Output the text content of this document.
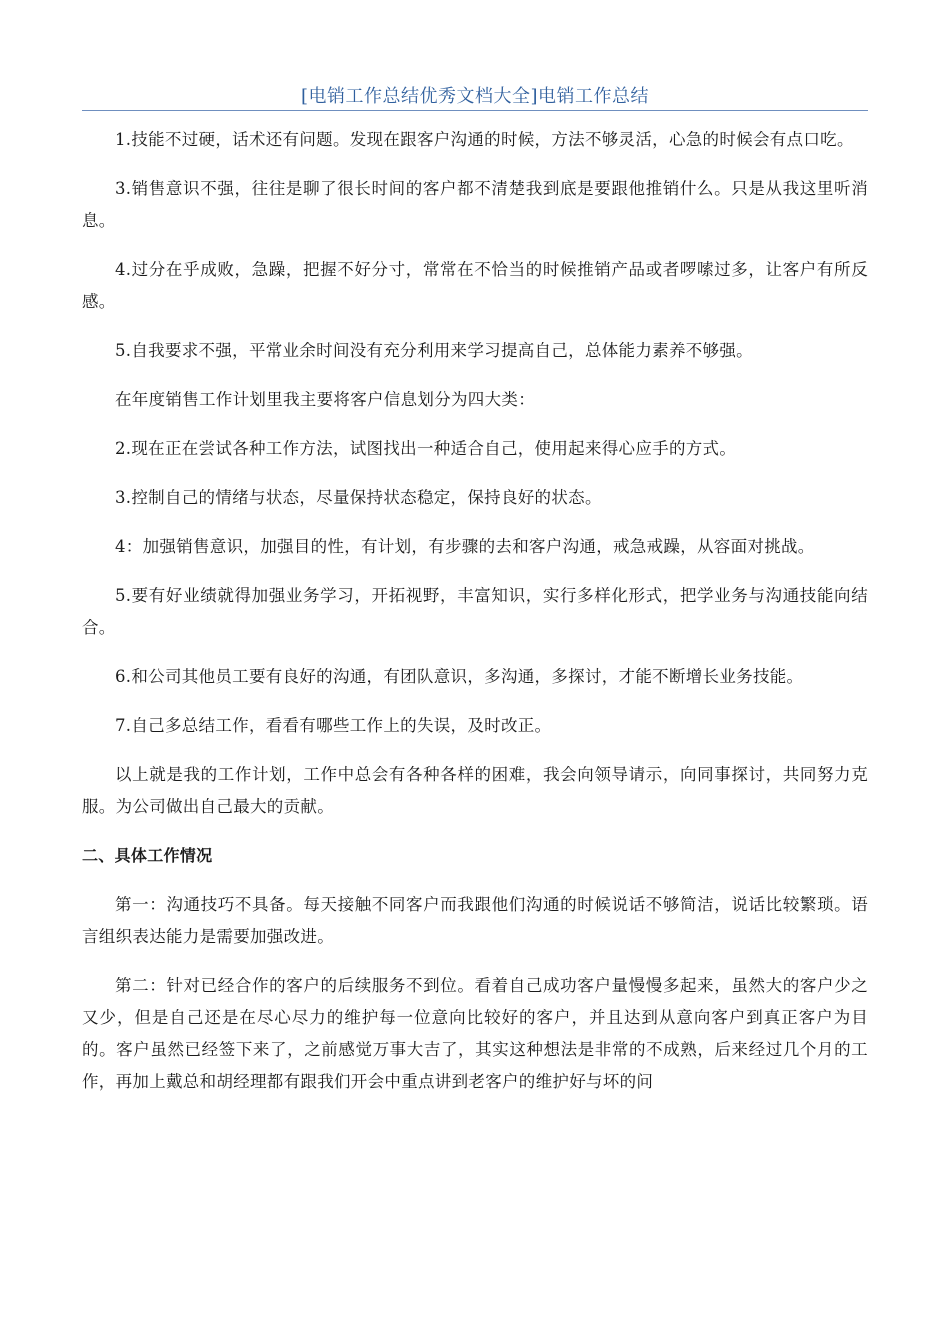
[电销工作总结优秀文档大全]电销工作总结

1.技能不过硬，话术还有问题。发现在跟客户沟通的时候，方法不够灵活，心急的时候会有点口吃。

3.销售意识不强，往往是聊了很长时间的客户都不清楚我到底是要跟他推销什么。只是从我这里听消息。

4.过分在乎成败，急躁，把握不好分寸，常常在不恰当的时候推销产品或者啰嗦过多，让客户有所反感。

5.自我要求不强，平常业余时间没有充分利用来学习提高自己，总体能力素养不够强。

在年度销售工作计划里我主要将客户信息划分为四大类：

2.现在正在尝试各种工作方法，试图找出一种适合自己，使用起来得心应手的方式。

3.控制自己的情绪与状态，尽量保持状态稳定，保持良好的状态。

4：加强销售意识，加强目的性，有计划，有步骤的去和客户沟通，戒急戒躁，从容面对挑战。

5.要有好业绩就得加强业务学习，开拓视野，丰富知识，实行多样化形式，把学业务与沟通技能向结合。

6.和公司其他员工要有良好的沟通，有团队意识，多沟通，多探讨，才能不断增长业务技能。

7.自己多总结工作，看看有哪些工作上的失误，及时改正。

以上就是我的工作计划，工作中总会有各种各样的困难，我会向领导请示，向同事探讨，共同努力克服。为公司做出自己最大的贡献。

二、具体工作情况

第一：沟通技巧不具备。每天接触不同客户而我跟他们沟通的时候说话不够简洁，说话比较繁琐。语言组织表达能力是需要加强改进。

第二：针对已经合作的客户的后续服务不到位。看着自己成功客户量慢慢多起来，虽然大的客户少之又少，但是自己还是在尽心尽力的维护每一位意向比较好的客户，并且达到从意向客户到真正客户为目的。客户虽然已经签下来了，之前感觉万事大吉了，其实这种想法是非常的不成熟，后来经过几个月的工作，再加上戴总和胡经理都有跟我们开会中重点讲到老客户的维护好与坏的问
